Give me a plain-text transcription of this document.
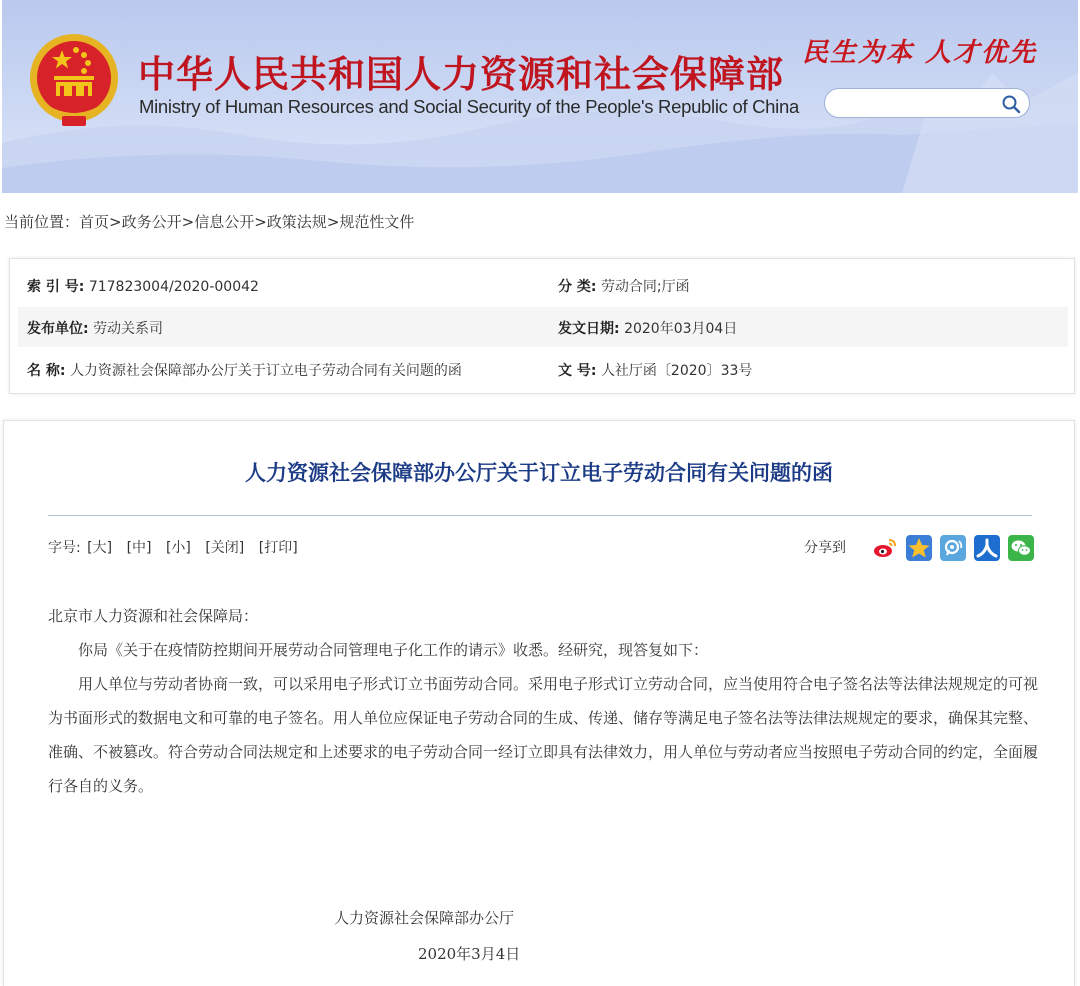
中华人民共和国人力资源和社会保障部
Ministry of Human Resources and Social Security of the People's Republic of China
民生为本 人才优先
当前位置：首页>政务公开>信息公开>政策法规>规范性文件
索 引 号: 717823004/2020-00042	分 类: 劳动合同;厅函
发布单位: 劳动关系司	发文日期: 2020年03月04日
名 称: 人力资源社会保障部办公厅关于订立电子劳动合同有关问题的函	文 号: 人社厅函〔2020〕33号
人力资源社会保障部办公厅关于订立电子劳动合同有关问题的函
字号: [大] [中] [小] [关闭] [打印]	分享到

北京市人力资源和社会保障局：

你局《关于在疫情防控期间开展劳动合同管理电子化工作的请示》收悉。经研究，现答复如下：

用人单位与劳动者协商一致，可以采用电子形式订立书面劳动合同。采用电子形式订立劳动合同，应当使用符合电子签名法等法律法规规定的可视为书面形式的数据电文和可靠的电子签名。用人单位应保证电子劳动合同的生成、传递、储存等满足电子签名法等法律法规规定的要求，确保其完整、准确、不被篡改。符合劳动合同法规定和上述要求的电子劳动合同一经订立即具有法律效力，用人单位与劳动者应当按照电子劳动合同的约定，全面履行各自的义务。

人力资源社会保障部办公厅
2020年3月4日
